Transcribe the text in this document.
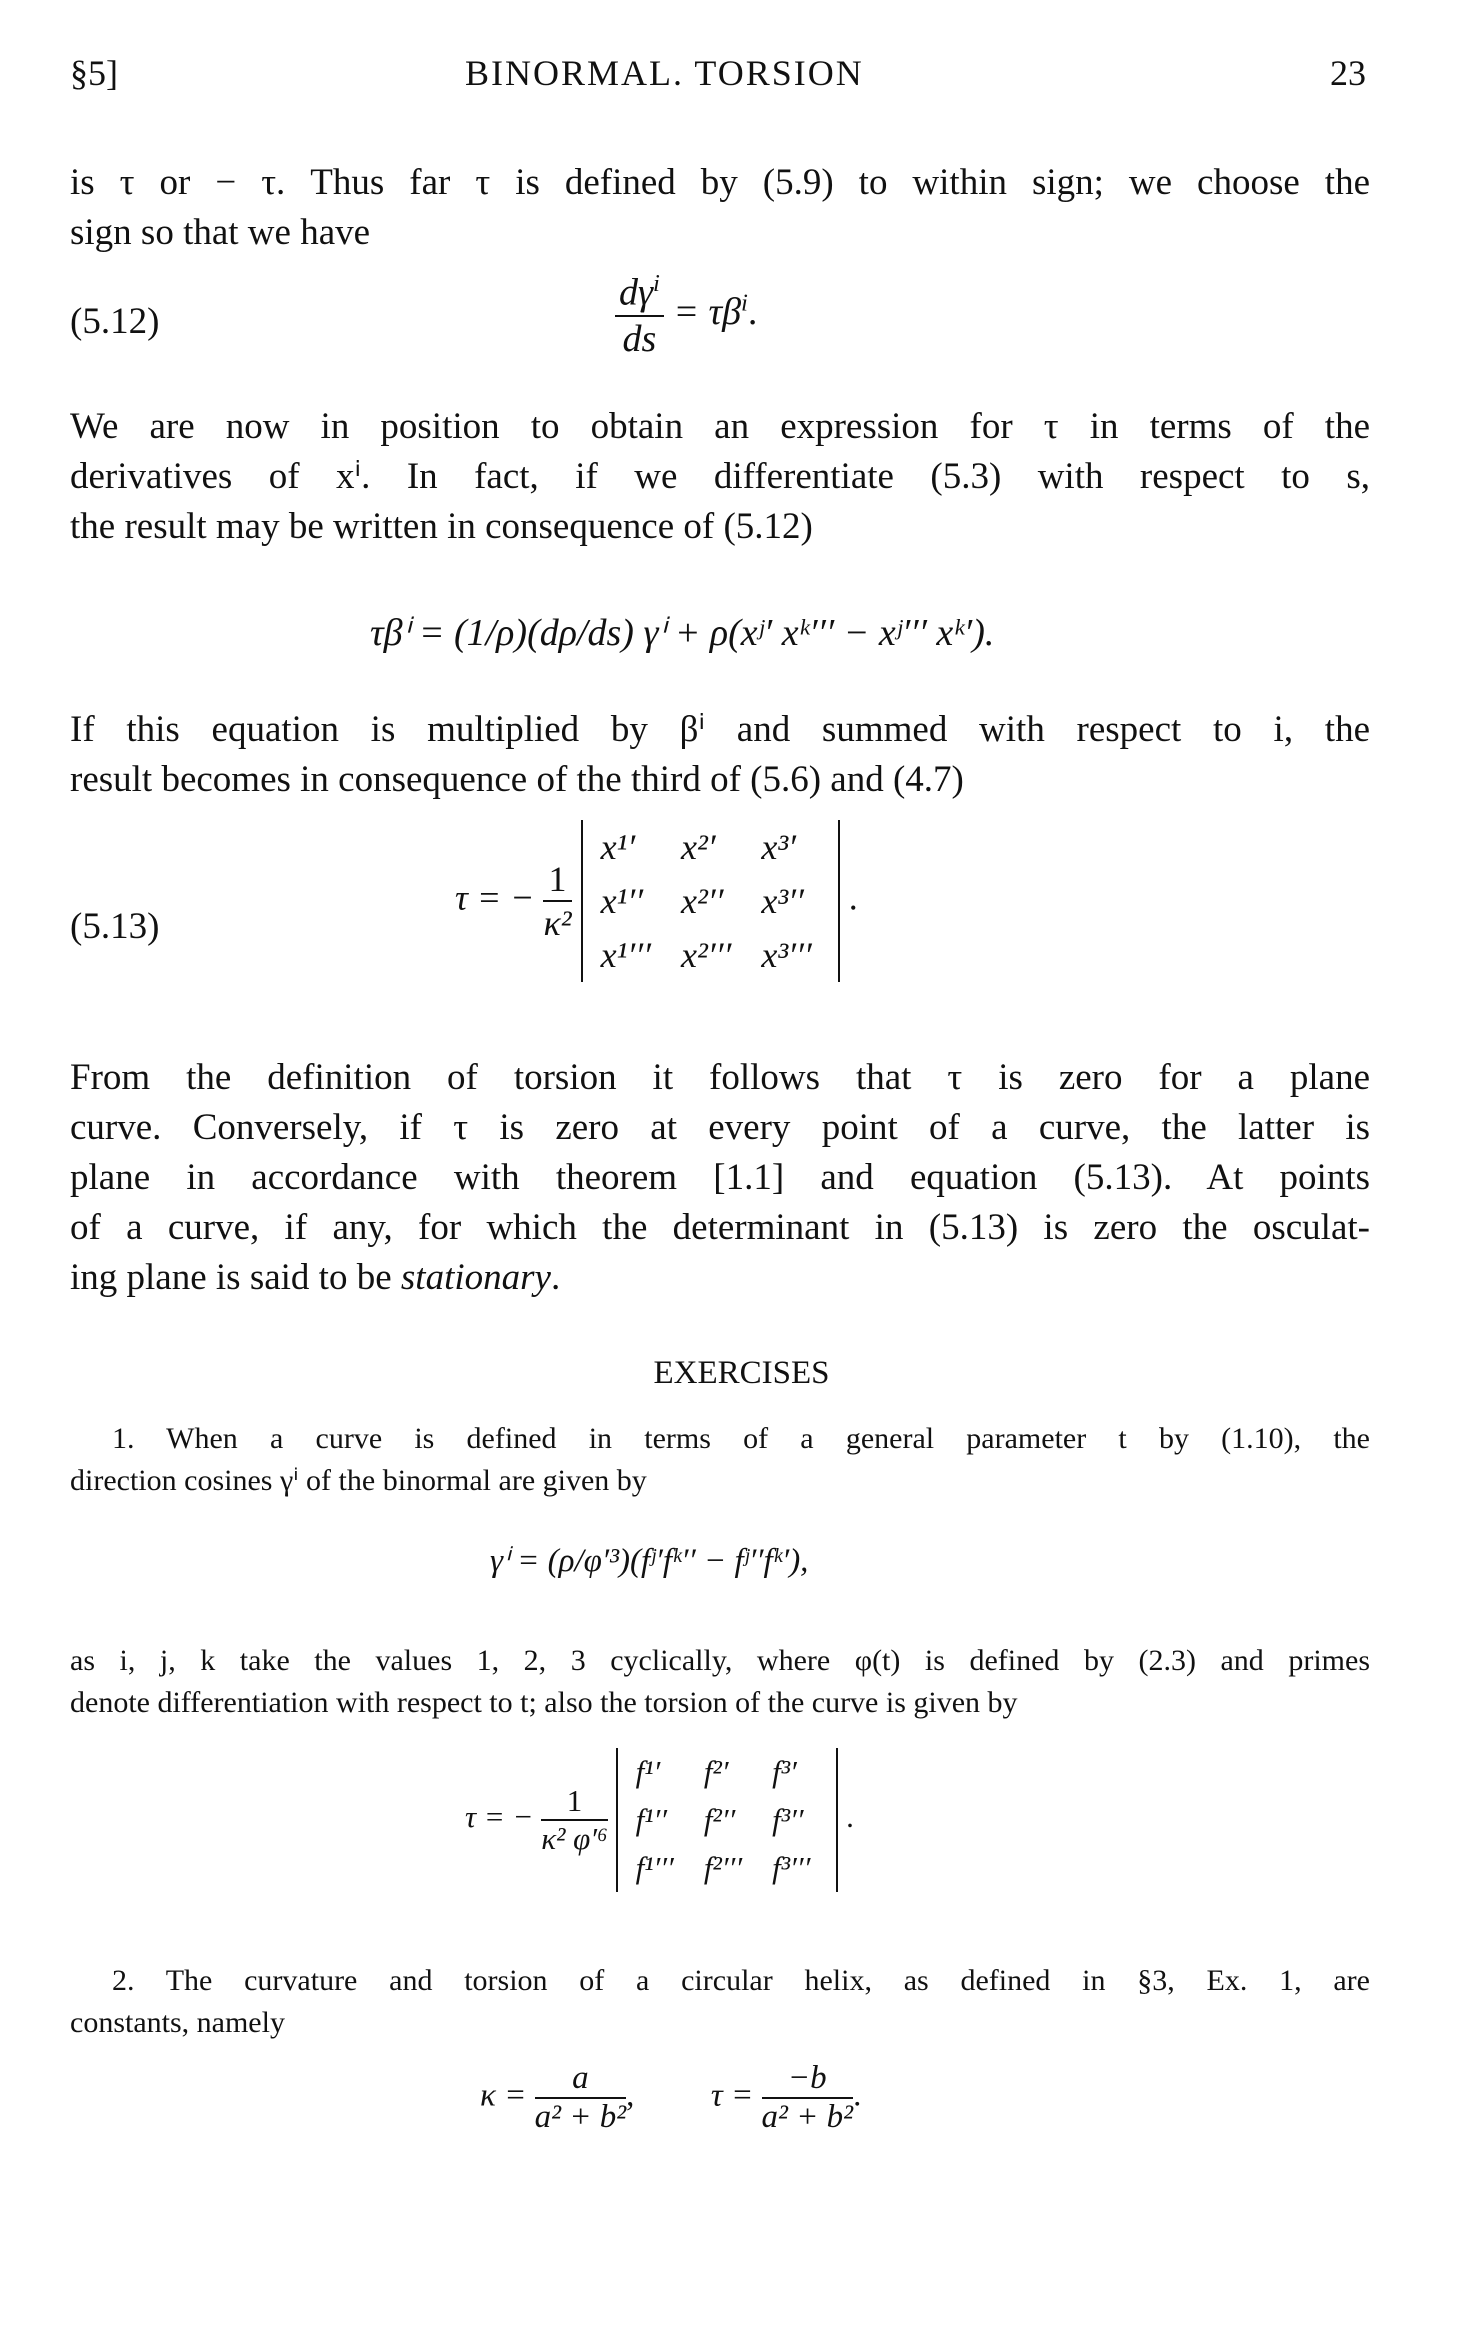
§5]	BINORMAL. TORSION	23
is τ or − τ. Thus far τ is defined by (5.9) to within sign; we choose the
sign so that we have
(5.12)	$\frac{d\gamma^i}{ds} = \tau\beta^i$.
We are now in position to obtain an expression for τ in terms of the
derivatives of xⁱ. In fact, if we differentiate (5.3) with respect to s,
the result may be written in consequence of (5.12)
τβⁱ = (1/ρ)(dρ/ds) γⁱ + ρ(xʲ′ xᵏ′′′ − xʲ′′′ xᵏ′).
If this equation is multiplied by βⁱ and summed with respect to i, the
result becomes in consequence of the third of (5.6) and (4.7)
(5.13)
τ = − $\frac{1}{\text{κ²}}$

x¹′	x²′	x³′
x¹′′	x²′′	x³′′
x¹′′′	x²′′′	x³′′′
.
From the definition of torsion it follows that τ is zero for a plane
curve. Conversely, if τ is zero at every point of a curve, the latter is
plane in accordance with theorem [1.1] and equation (5.13). At points
of a curve, if any, for which the determinant in (5.13) is zero the osculat-
ing plane is said to be stationary.
EXERCISES
1. When a curve is defined in terms of a general parameter t by (1.10), the
direction cosines γⁱ of the binormal are given by
γⁱ = (ρ/φ′³)(fʲ′fᵏ′′ − fʲ′′fᵏ′),
as i, j, k take the values 1, 2, 3 cyclically, where φ(t) is defined by (2.3) and primes
denote differentiation with respect to t; also the torsion of the curve is given by
τ = − $\frac{1}{\text{κ² φ′⁶}}$

f¹′	f²′	f³′
f¹′′	f²′′	f³′′
f¹′′′	f²′′′	f³′′′
.
2. The curvature and torsion of a circular helix, as defined in §3, Ex. 1, are
constants, namely
$\kappa = \frac{a}{\text{a² + b²}}$ , $\tau = \frac{-b}{\text{a² + b²}}$ .
